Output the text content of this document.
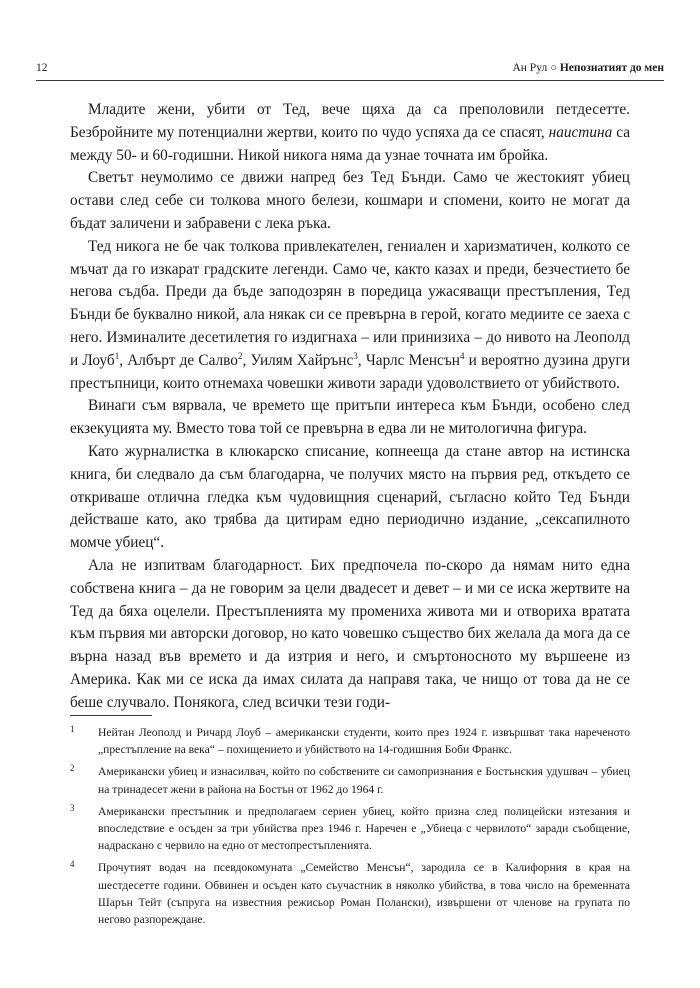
12	Ан Рул ○ Непознатият до мен

Младите жени, убити от Тед, вече щяха да са преполовили петдесетте. Безбройните му потенциални жертви, които по чудо успяха да се спасят, наистина са между 50- и 60-годишни. Никой никога няма да узнае точната им бройка.

Светът неумолимо се движи напред без Тед Бънди. Само че жестокият убиец остави след себе си толкова много белези, кошмари и спомени, които не могат да бъдат заличени и забравени с лека ръка.

Тед никога не бе чак толкова привлекателен, гениален и харизматичен, колкото се мъчат да го изкарат градските легенди. Само че, както казах и преди, безчестието бе негова съдба. Преди да бъде заподозрян в поредица ужасяващи престъпления, Тед Бънди бе буквално никой, ала някак си се превърна в герой, когато медиите се заеха с него. Изминалите десетилетия го издигнаха – или принизиха – до нивото на Леополд и Лоуб$^1$, Албърт де Салво$^2$, Уилям Хайрънс$^3$, Чарлс Менсън$^4$ и вероятно дузина други престъпници, които отнемаха човешки животи заради удоволствието от убийството.

Винаги съм вярвала, че времето ще притъпи интереса към Бънди, особено след екзекуцията му. Вместо това той се превърна в едва ли не митологична фигура.

Като журналистка в клюкарско списание, копнееща да стане автор на истинска книга, би следвало да съм благодарна, че получих място на първия ред, откъдето се откриваше отлична гледка към чудовищния сценарий, съгласно който Тед Бънди действаше като, ако трябва да цитирам едно периодично издание, „сексапилното момче убиец“.

Ала не изпитвам благодарност. Бих предпочела по-скоро да нямам нито една собствена книга – да не говорим за цели двадесет и девет – и ми се иска жертвите на Тед да бяха оцелели. Престъпленията му промениха живота ми и отвориха вратата към първия ми авторски договор, но като човешко същество бих желала да мога да се върна назад във времето и да изтрия и него, и смъртоносното му вършеене из Америка. Как ми се иска да имах силата да направя така, че нищо от това да не се беше случвало. Понякога, след всички тези годи-

1 Нейтан Леополд и Ричард Лоуб – американски студенти, които през 1924 г. извършват така нареченото „престъпление на века“ – похищението и убийството на 14-годишния Боби Франкс.
2 Американски убиец и изнасилвач, който по собствените си самопризнания е Бостънския удушвач – убиец на тринадесет жени в района на Бостън от 1962 до 1964 г.
3 Американски престъпник и предполагаем сериен убиец, който призна след полицейски изтезания и впоследствие е осъден за три убийства през 1946 г. Наречен е „Убиеца с червилото“ заради съобщение, надраскано с червило на едно от местопрестъпленията.
4 Прочутият водач на псевдокомуната „Семейство Менсън“, зародила се в Калифорния в края на шестдесетте години. Обвинен и осъден като съучастник в няколко убийства, в това число на бременната Шарън Тейт (съпруга на известния режисьор Роман Полански), извършени от членове на групата по негово разпореждане.
